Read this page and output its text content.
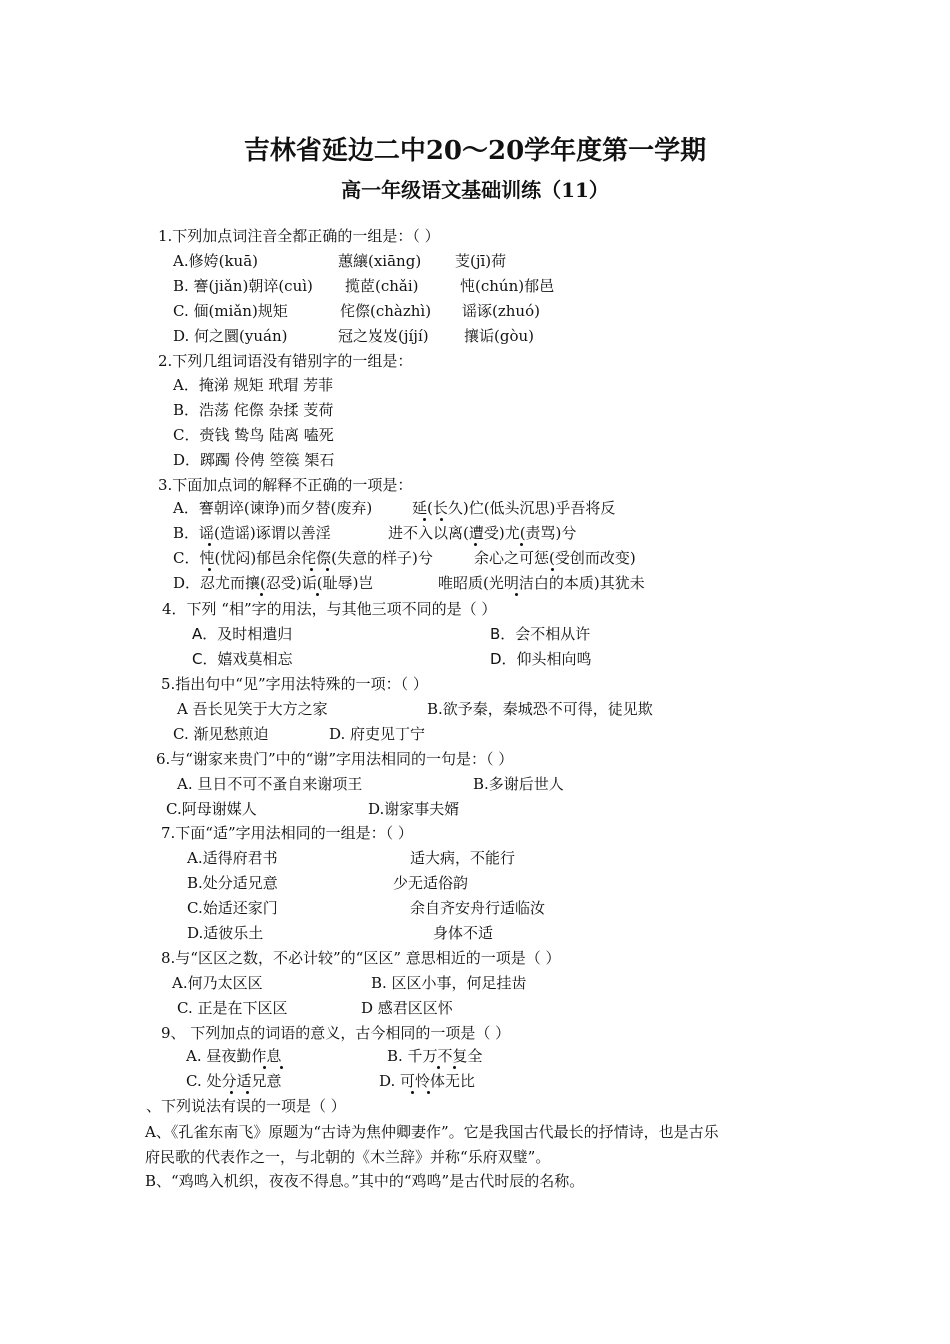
吉林省延边二中20～20学年度第一学期
高一年级语文基础训练（11）
1.下列加点词注音全都正确的一组是：（ ）
A.修姱(kuā)	蕙纕(xiāng) 芰(jī)荷
B. 謇(jiǎn)朝谇(cuì) 揽茝(chǎi)	忳(chún)郁邑
C. 偭(miǎn)规矩	侘傺(chàzhì) 谣诼(zhuó)
D. 何之圜(yuán)	冠之岌岌(jíjí) 攘诟(gòu)
2.下列几组词语没有错别字的一组是：
A．掩涕 规矩 玳瑁 芳菲
B．浩荡 侘傺 杂揉 芰荷
C．赍钱 鸷鸟 陆离 嗑死
D．踯躅 伶俜 箜篌 榘石
3.下面加点词的解释不正确的一项是：
A．謇朝谇(谏诤)而夕替(废弃)	延(长久)伫(低头沉思)乎吾将反
B．谣(造谣)诼谓以善淫	进不入以离(遭受)尤(责骂)兮
C．忳(忧闷)郁邑余侘傺(失意的样子)兮	余心之可惩(受创而改变)
D．忍尤而攘(忍受)诟(耻辱)岂	唯昭质(光明洁白的本质)其犹未
4．下列 “相”字的用法，与其他三项不同的是（ ）
A．及时相遣归	B．会不相从许
C．嬉戏莫相忘	D．仰头相向鸣
5.指出句中“见”字用法特殊的一项：（ ）
A 吾长见笑于大方之家	B.欲予秦，秦城恐不可得，徒见欺
C. 渐见愁煎迫	D. 府吏见丁宁
6.与“谢家来贵门”中的“谢”字用法相同的一句是：（ ）
A. 旦日不可不蚤自来谢项王	B.多谢后世人
C.阿母谢媒人	D.谢家事夫婿
7.下面“适”字用法相同的一组是：（ ）
A.适得府君书	适大病，不能行
B.处分适兄意	少无适俗韵
C.始适还家门	余自齐安舟行适临汝
D.适彼乐土	身体不适
8.与“区区之数，不必计较”的“区区” 意思相近的一项是（ ）
A.何乃太区区	B. 区区小事，何足挂齿
C. 正是在下区区	D 感君区区怀
9、 下列加点的词语的意义，古今相同的一项是（ ）
A. 昼夜勤作息	B. 千万不复全
C. 处分适兄意	D. 可怜体无比
、下列说法有误的一项是（ ）
A、《孔雀东南飞》原题为“古诗为焦仲卿妻作”。它是我国古代最长的抒情诗，也是古乐
府民歌的代表作之一，与北朝的《木兰辞》并称“乐府双璧”。
B、“鸡鸣入机织，夜夜不得息。”其中的“鸡鸣”是古代时辰的名称。
